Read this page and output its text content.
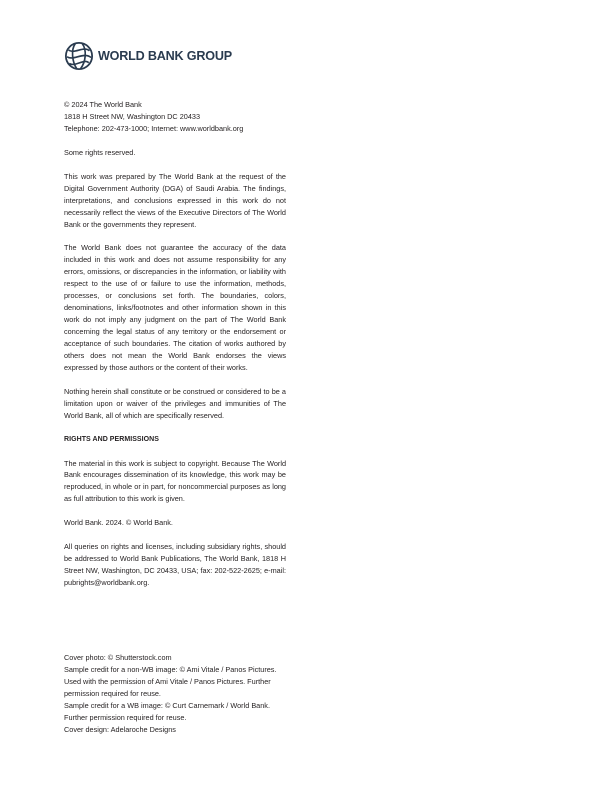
WORLD BANK GROUP

© 2024 The World Bank

1818 H Street NW, Washington DC 20433

Telephone: 202-473-1000; Internet: www.worldbank.org

Some rights reserved.

This work was prepared by The World Bank at the request of the Digital Government Authority (DGA) of Saudi Arabia. The findings, interpretations, and conclusions expressed in this work do not necessarily reflect the views of the Executive Directors of The World Bank or the governments they represent.

The World Bank does not guarantee the accuracy of the data included in this work and does not assume responsibility for any errors, omissions, or discrepancies in the information, or liability with respect to the use of or failure to use the information, methods, processes, or conclusions set forth. The boundaries, colors, denominations, links/footnotes and other information shown in this work do not imply any judgment on the part of The World Bank concerning the legal status of any territory or the endorsement or acceptance of such boundaries. The citation of works authored by others does not mean the World Bank endorses the views expressed by those authors or the content of their works.

Nothing herein shall constitute or be construed or considered to be a limitation upon or waiver of the privileges and immunities of The World Bank, all of which are specifically reserved.

RIGHTS AND PERMISSIONS

The material in this work is subject to copyright. Because The World Bank encourages dissemination of its knowledge, this work may be reproduced, in whole or in part, for noncommercial purposes as long as full attribution to this work is given.

World Bank. 2024. © World Bank.

All queries on rights and licenses, including subsidiary rights, should be addressed to World Bank Publications, The World Bank, 1818 H Street NW, Washington, DC 20433, USA; fax: 202-522-2625; e-mail: pubrights@worldbank.org.

Cover photo: © Shutterstock.com

Sample credit for a non-WB image: © Ami Vitale / Panos Pictures.

Used with the permission of Ami Vitale / Panos Pictures. Further

permission required for reuse.

Sample credit for a WB image: © Curt Carnemark / World Bank.

Further permission required for reuse.

Cover design: Adelaroche Designs
